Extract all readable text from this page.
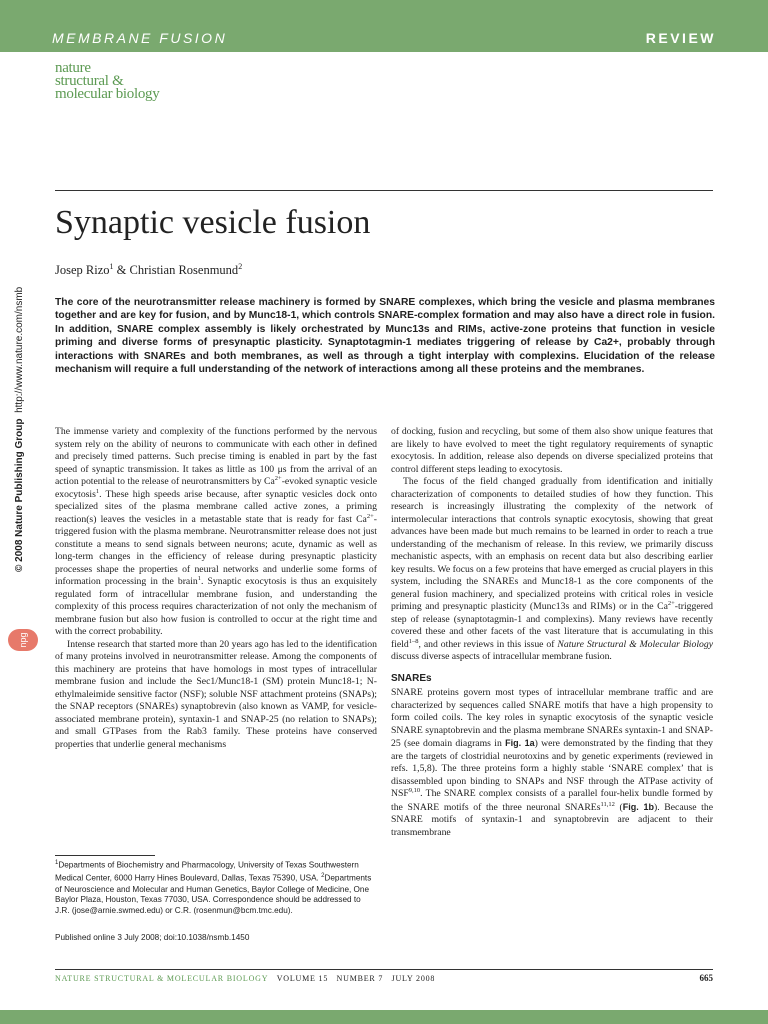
MEMBRANE FUSION	REVIEW
nature
structural &
molecular biology
© 2008 Nature Publishing Group  http://www.nature.com/nsmb
npg
Synaptic vesicle fusion
Josep Rizo$^1$ & Christian Rosenmund$^2$

The core of the neurotransmitter release machinery is formed by SNARE complexes, which bring the vesicle and plasma membranes together and are key for fusion, and by Munc18-1, which controls SNARE-complex formation and may also have a direct role in fusion. In addition, SNARE complex assembly is likely orchestrated by Munc13s and RIMs, active-zone proteins that function in vesicle priming and diverse forms of presynaptic plasticity. Synaptotagmin-1 mediates triggering of release by Ca2+, probably through interactions with SNAREs and both membranes, as well as through a tight interplay with complexins. Elucidation of the release mechanism will require a full understanding of the network of interactions among all these proteins and the membranes.

The immense variety and complexity of the functions performed by the nervous system rely on the ability of neurons to communicate with each other in defined and precisely timed patterns. Such precise timing is enabled in part by the fast speed of synaptic transmission. It takes as little as 100 μs from the arrival of an action potential to the release of neurotransmitters by $Ca^{2+}$-evoked synaptic vesicle exocytosis$^1$. These high speeds arise because, after synaptic vesicles dock onto specialized sites of the plasma membrane called active zones, a priming reaction(s) leaves the vesicles in a metastable state that is ready for fast $Ca^{2+}$-triggered fusion with the plasma membrane. Neurotransmitter release does not just constitute a means to send signals between neurons; acute, dynamic as well as long-term changes in the efficiency of release during presynaptic plasticity processes shape the properties of neural networks and underlie some forms of information processing in the brain$^1$. Synaptic exocytosis is thus an exquisitely regulated form of intracellular membrane fusion, and understanding the complexity of this process requires characterization of not only the mechanism of membrane fusion but also how fusion is controlled to occur at the right time and with the correct probability.

Intense research that started more than 20 years ago has led to the identification of many proteins involved in neurotransmitter release. Among the components of this machinery are proteins that have homologs in most types of intracellular membrane fusion and include the Sec1/Munc18-1 (SM) protein Munc18-1; N-ethylmaleimide sensitive factor (NSF); soluble NSF attachment proteins (SNAPs); the SNAP receptors (SNAREs) synaptobrevin (also known as VAMP, for vesicle-associated membrane protein), syntaxin-1 and SNAP-25 (no relation to SNAPs); and small GTPases from the Rab3 family. These proteins have conserved properties that underlie general mechanisms

of docking, fusion and recycling, but some of them also show unique features that are likely to have evolved to meet the tight regulatory requirements of synaptic exocytosis. In addition, release also depends on diverse specialized proteins that control different steps leading to exocytosis.

The focus of the field changed gradually from identification and initially characterization of components to detailed studies of how they function. This research is increasingly illustrating the complexity of the network of intermolecular interactions that controls synaptic exocytosis, showing that great advances have been made but much remains to be learned in order to reach a true understanding of the mechanism of release. In this review, we primarily discuss mechanistic aspects, with an emphasis on recent data but also describing earlier key results. We focus on a few proteins that have emerged as crucial players in this system, including the SNAREs and Munc18-1 as the core components of the general fusion machinery, and specialized proteins with critical roles in vesicle priming and presynaptic plasticity (Munc13s and RIMs) or in the $Ca^{2+}$-triggered step of release (synaptotagmin-1 and complexins). Many reviews have recently covered these and other facets of the vast literature that is accumulating in this field$^{1-8}$, and other reviews in this issue of Nature Structural & Molecular Biology discuss diverse aspects of intracellular membrane fusion.

SNAREs

SNARE proteins govern most types of intracellular membrane traffic and are characterized by sequences called SNARE motifs that have a high propensity to form coiled coils. The key roles in synaptic exocytosis of the synaptic vesicle SNARE synaptobrevin and the plasma membrane SNAREs syntaxin-1 and SNAP-25 (see domain diagrams in Fig. 1a) were demonstrated by the finding that they are the targets of clostridial neurotoxins and by genetic experiments (reviewed in refs. 1,5,8). The three proteins form a highly stable ‘SNARE complex’ that is disassembled upon binding to SNAPs and NSF through the ATPase activity of NSF$^{9,10}$. The SNARE complex consists of a parallel four-helix bundle formed by the SNARE motifs of the three neuronal SNAREs$^{11,12}$ (Fig. 1b). Because the SNARE motifs of syntaxin-1 and synaptobrevin are adjacent to their transmembrane

$^1$Departments of Biochemistry and Pharmacology, University of Texas Southwestern Medical Center, 6000 Harry Hines Boulevard, Dallas, Texas 75390, USA. $^2$Departments of Neuroscience and Molecular and Human Genetics, Baylor College of Medicine, One Baylor Plaza, Houston, Texas 77030, USA. Correspondence should be addressed to J.R. (jose@arnie.swmed.edu) or C.R. (rosenmun@bcm.tmc.edu).

Published online 3 July 2008; doi:10.1038/nsmb.1450
NATURE STRUCTURAL & MOLECULAR BIOLOGY VOLUME 15   NUMBER 7   JULY 2008	665
